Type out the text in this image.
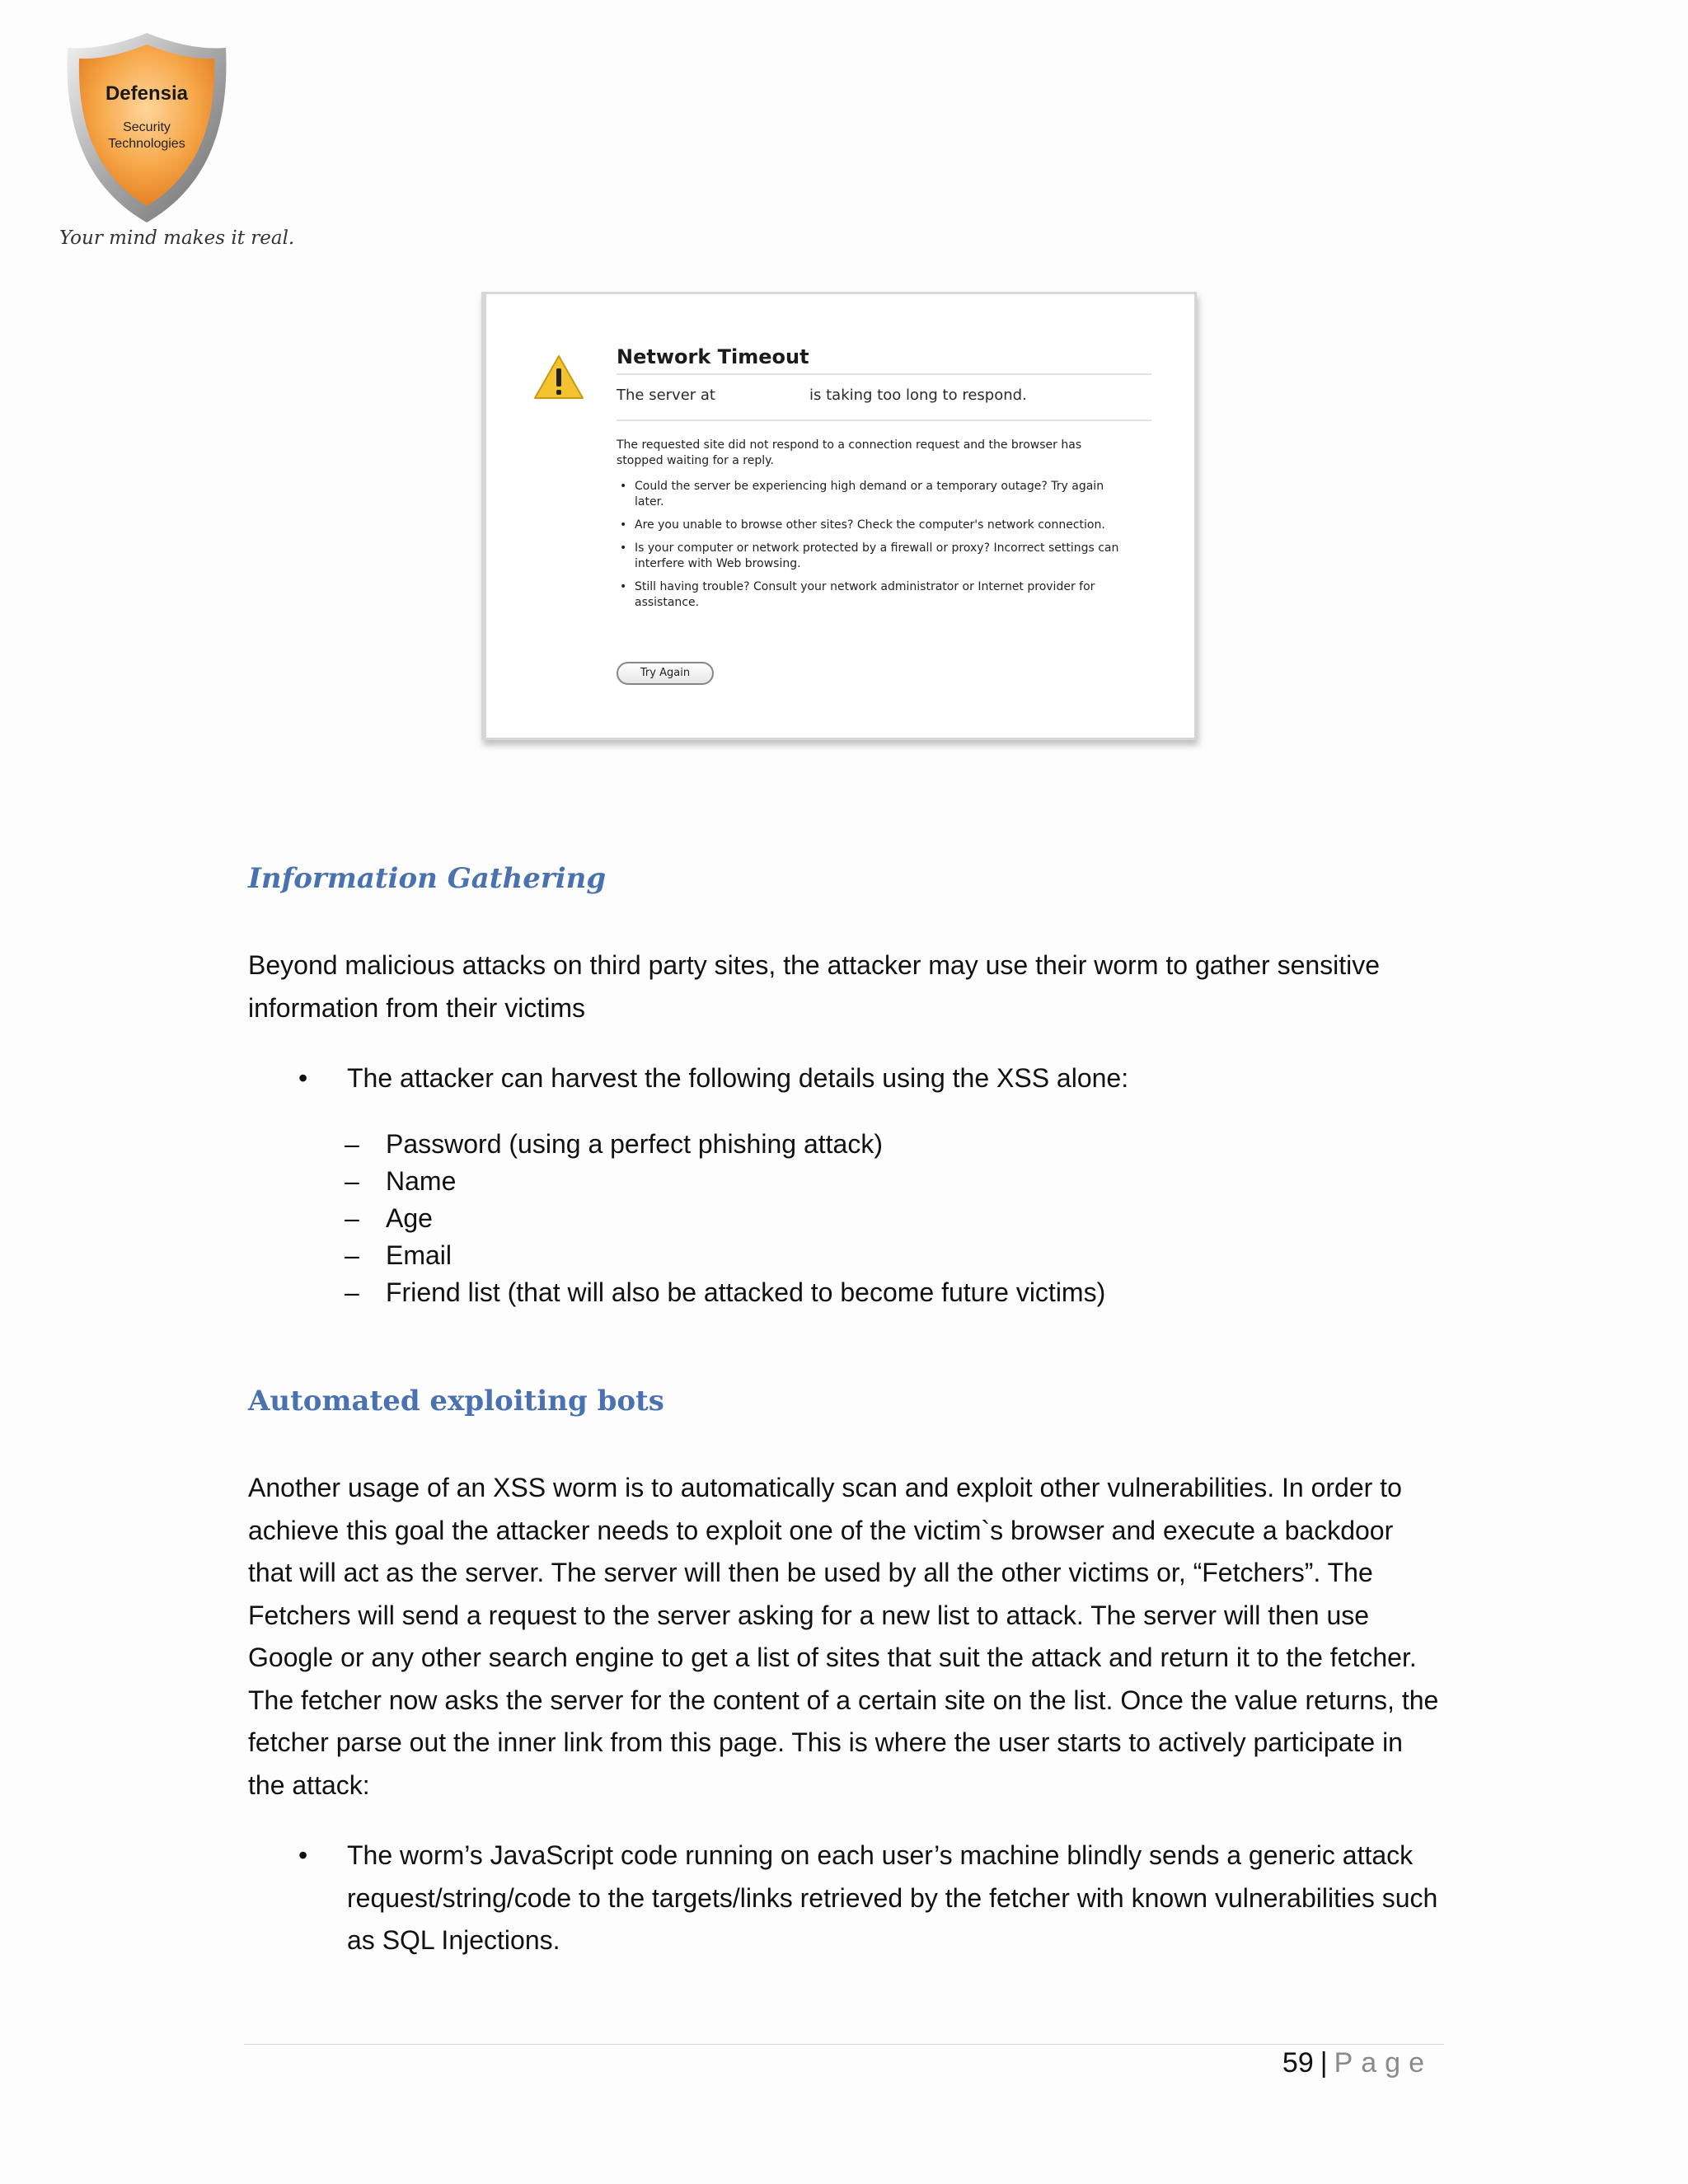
Defensia
Security
Technologies
Your mind makes it real.
Network Timeout
The server at	is taking too long to respond.
The requested site did not respond to a connection request and the browser has stopped waiting for a reply.
• Could the server be experiencing high demand or a temporary outage? Try again later.
• Are you unable to browse other sites? Check the computer's network connection.
• Is your computer or network protected by a firewall or proxy? Incorrect settings can interfere with Web browsing.
• Still having trouble? Consult your network administrator or Internet provider for assistance.
Try Again
Information Gathering

Beyond malicious attacks on third party sites, the attacker may use their worm to gather sensitive information from their victims

• The attacker can harvest the following details using the XSS alone:
– Password (using a perfect phishing attack)
– Name
– Age
– Email
– Friend list (that will also be attacked to become future victims)
Automated exploiting bots

Another usage of an XSS worm is to automatically scan and exploit other vulnerabilities. In order to achieve this goal the attacker needs to exploit one of the victim`s browser and execute a backdoor that will act as the server. The server will then be used by all the other victims or, “Fetchers”. The Fetchers will send a request to the server asking for a new list to attack. The server will then use Google or any other search engine to get a list of sites that suit the attack and return it to the fetcher. The fetcher now asks the server for the content of a certain site on the list. Once the value returns, the fetcher parse out the inner link from this page. This is where the user starts to actively participate in the attack:

• The worm’s JavaScript code running on each user’s machine blindly sends a generic attack request/string/code to the targets/links retrieved by the fetcher with known vulnerabilities such as SQL Injections.
59 | Page
